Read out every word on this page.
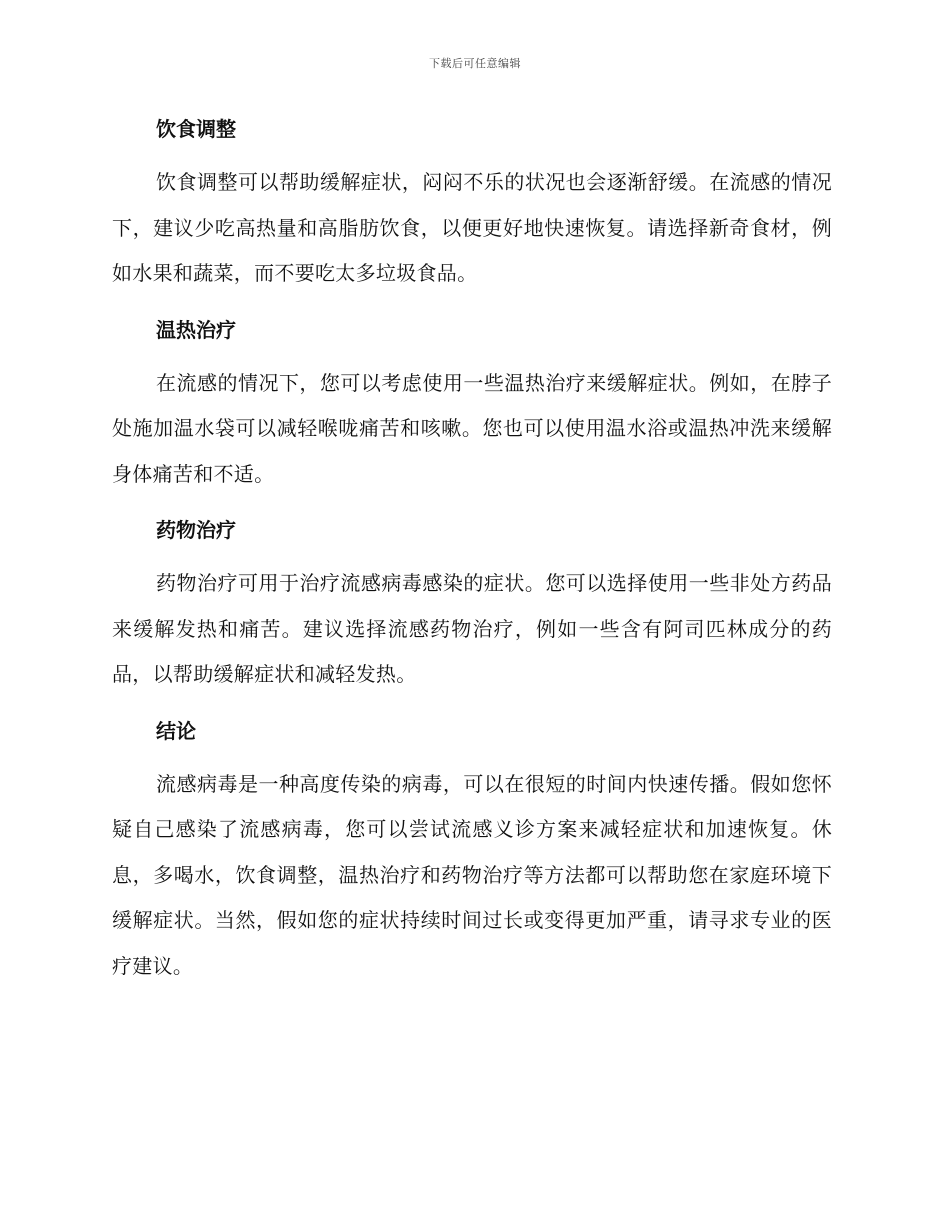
下载后可任意编辑
饮食调整

饮食调整可以帮助缓解症状，闷闷不乐的状况也会逐渐舒缓。在流感的情况下，建议少吃高热量和高脂肪饮食，以便更好地快速恢复。请选择新奇食材，例如水果和蔬菜，而不要吃太多垃圾食品。

温热治疗

在流感的情况下，您可以考虑使用一些温热治疗来缓解症状。例如，在脖子处施加温水袋可以减轻喉咙痛苦和咳嗽。您也可以使用温水浴或温热冲洗来缓解身体痛苦和不适。

药物治疗

药物治疗可用于治疗流感病毒感染的症状。您可以选择使用一些非处方药品来缓解发热和痛苦。建议选择流感药物治疗，例如一些含有阿司匹林成分的药品，以帮助缓解症状和减轻发热。

结论

流感病毒是一种高度传染的病毒，可以在很短的时间内快速传播。假如您怀疑自己感染了流感病毒，您可以尝试流感义诊方案来减轻症状和加速恢复。休息，多喝水，饮食调整，温热治疗和药物治疗等方法都可以帮助您在家庭环境下缓解症状。当然，假如您的症状持续时间过长或变得更加严重，请寻求专业的医疗建议。
